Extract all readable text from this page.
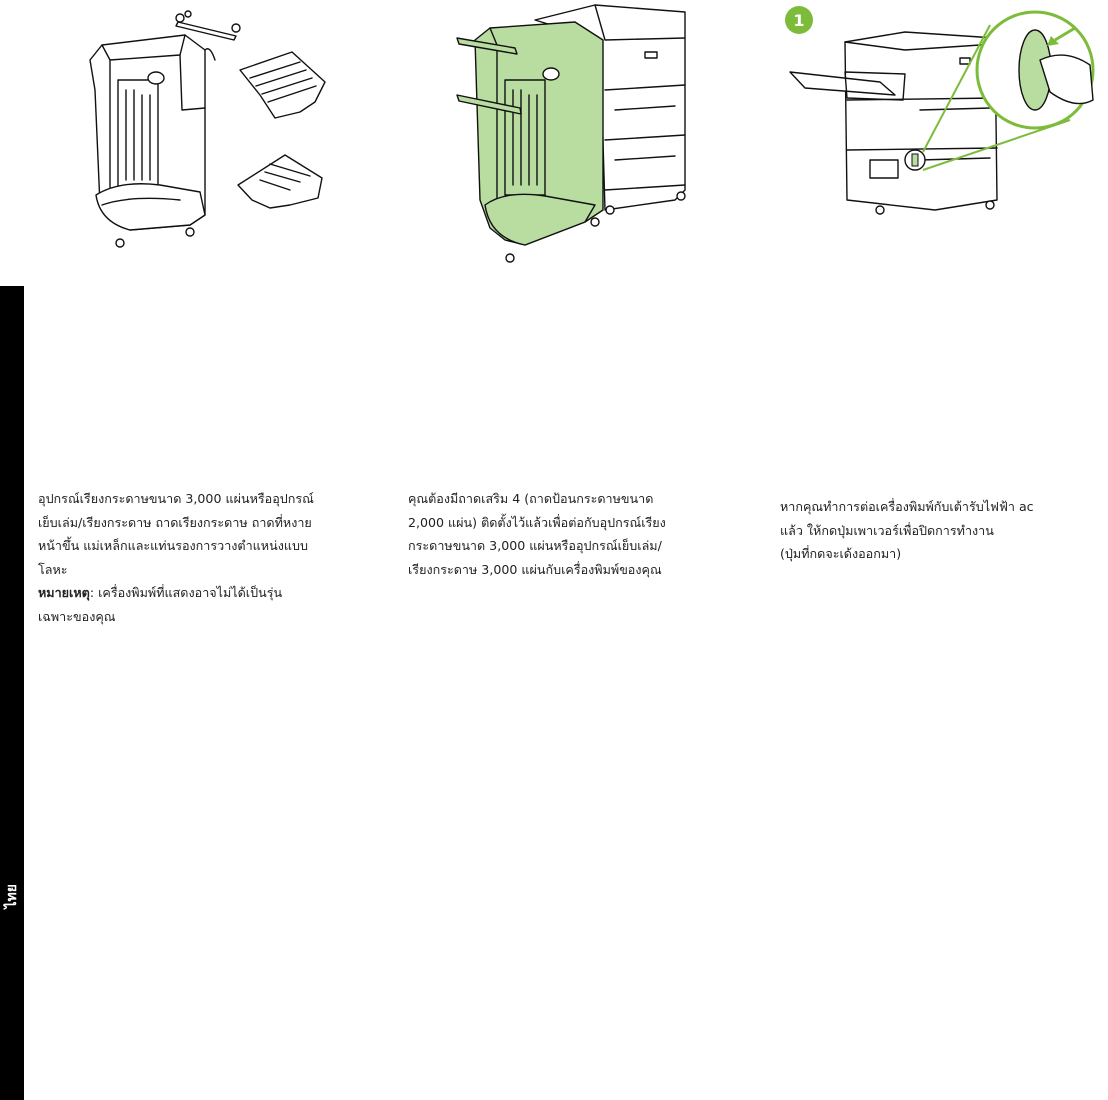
ไทย
1

อุปกรณ์เรียงกระดาษขนาด 3,000 แผ่นหรืออุปกรณ์

เย็บเล่ม/เรียงกระดาษ ถาดเรียงกระดาษ ถาดที่หงาย

หน้าขึ้น แม่เหล็กและแท่นรองการวางตำแหน่งแบบ

โลหะ

หมายเหตุ: เครื่องพิมพ์ที่แสดงอาจไม่ได้เป็นรุ่น

เฉพาะของคุณ

คุณต้องมีถาดเสริม 4 (ถาดป้อนกระดาษขนาด

2,000 แผ่น) ติดตั้งไว้แล้วเพื่อต่อกับอุปกรณ์เรียง

กระดาษขนาด 3,000 แผ่นหรืออุปกรณ์เย็บเล่ม/

เรียงกระดาษ 3,000 แผ่นกับเครื่องพิมพ์ของคุณ

หากคุณทำการต่อเครื่องพิมพ์กับเต้ารับไฟฟ้า ac

แล้ว ให้กดปุ่มเพาเวอร์เพื่อปิดการทำงาน

(ปุ่มที่กดจะเด้งออกมา)
